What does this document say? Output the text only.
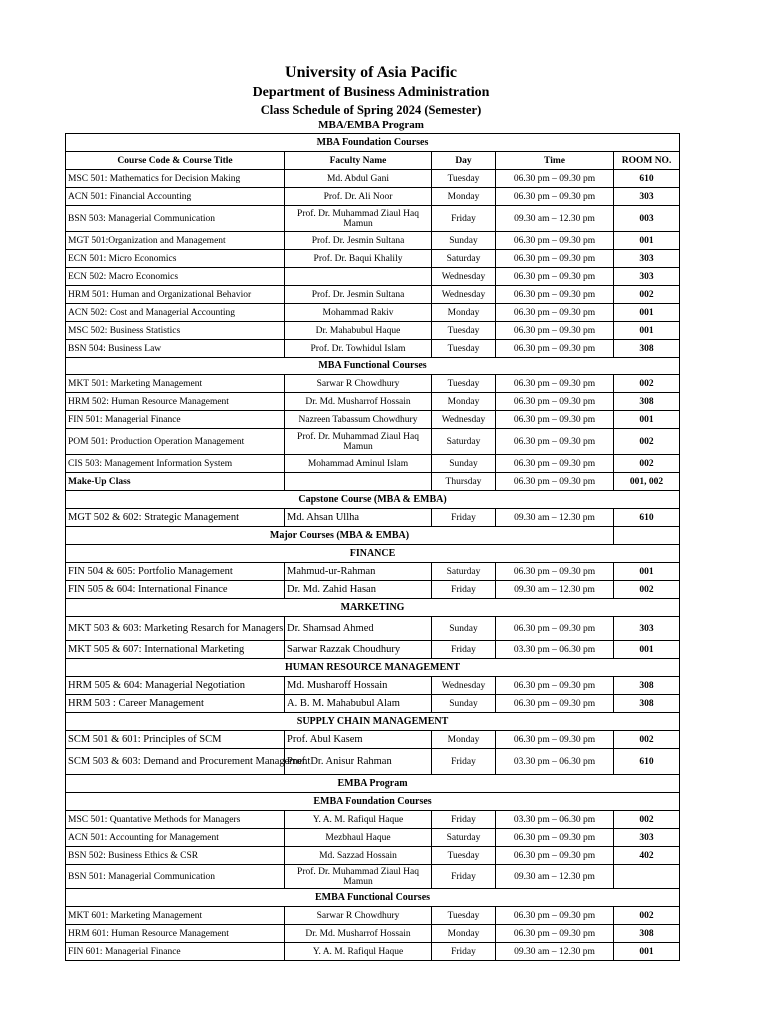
University of Asia Pacific
Department of Business Administration
Class Schedule of Spring 2024 (Semester)
MBA/EMBA Program
MBA Foundation Courses				
Course Code & Course Title	Faculty Name	Day	Time	ROOM NO.
MSC 501: Mathematics for Decision Making	Md. Abdul Gani	Tuesday	06.30 pm – 09.30 pm	610
ACN 501: Financial Accounting	Prof. Dr. Ali Noor	Monday	06.30 pm – 09.30 pm	303
BSN 503: Managerial Communication	Prof. Dr. Muhammad Ziaul Haq Mamun	Friday	09.30 am – 12.30 pm	003
MGT 501:Organization and Management	Prof. Dr. Jesmin Sultana	Sunday	06.30 pm – 09.30 pm	001
ECN 501: Micro Economics	Prof. Dr. Baqui Khalily	Saturday	06.30 pm – 09.30 pm	303
ECN 502: Macro Economics		Wednesday	06.30 pm – 09.30 pm	303
HRM 501: Human and Organizational Behavior	Prof. Dr. Jesmin Sultana	Wednesday	06.30 pm – 09.30 pm	002
ACN 502: Cost and Managerial Accounting	Mohammad Rakiv	Monday	06.30 pm – 09.30 pm	001
MSC 502: Business Statistics	Dr. Mahabubul Haque	Tuesday	06.30 pm – 09.30 pm	001
BSN 504: Business Law	Prof. Dr. Towhidul Islam	Tuesday	06.30 pm – 09.30 pm	308
MBA Functional Courses				
MKT 501: Marketing Management	Sarwar R Chowdhury	Tuesday	06.30 pm – 09.30 pm	002
HRM 502: Human Resource Management	Dr. Md. Musharrof Hossain	Monday	06.30 pm – 09.30 pm	308
FIN 501: Managerial Finance	Nazreen Tabassum Chowdhury	Wednesday	06.30 pm – 09.30 pm	001
POM 501: Production Operation Management	Prof. Dr. Muhammad Ziaul Haq Mamun	Saturday	06.30 pm – 09.30 pm	002
CIS 503: Management Information System	Mohammad Aminul Islam	Sunday	06.30 pm – 09.30 pm	002
Make-Up Class		Thursday	06.30 pm – 09.30 pm	001, 002
Capstone Course (MBA & EMBA)				
MGT 502 & 602: Strategic Management	Md. Ahsan Ullha	Friday	09.30 am – 12.30 pm	610
Major Courses (MBA & EMBA)				
FINANCE				
FIN 504 & 605: Portfolio Management	Mahmud-ur-Rahman	Saturday	06.30 pm – 09.30 pm	001
FIN 505 & 604: International Finance	Dr. Md. Zahid Hasan	Friday	09.30 am – 12.30 pm	002
MARKETING				
MKT 503 & 603: Marketing Resarch for Managers	Dr. Shamsad Ahmed	Sunday	06.30 pm – 09.30 pm	303
MKT 505 & 607: International Marketing	Sarwar Razzak Choudhury	Friday	03.30 pm – 06.30 pm	001
HUMAN RESOURCE MANAGEMENT				
HRM 505 & 604: Managerial Negotiation	Md. Musharoff Hossain	Wednesday	06.30 pm – 09.30 pm	308
HRM 503 : Career Management	A. B. M. Mahabubul Alam	Sunday	06.30 pm – 09.30 pm	308
SUPPLY CHAIN MANAGEMENT				
SCM 501 & 601: Principles of SCM	Prof. Abul Kasem	Monday	06.30 pm – 09.30 pm	002
SCM 503 & 603: Demand and Procurement Management	Prof. Dr. Anisur Rahman	Friday	03.30 pm – 06.30 pm	610
EMBA Program				
EMBA Foundation Courses				
MSC 501: Quantative Methods for Managers	Y. A. M. Rafiqul Haque	Friday	03.30 pm – 06.30 pm	002
ACN 501: Accounting for Management	Mezbhaul Haque	Saturday	06.30 pm – 09.30 pm	303
BSN 502: Business Ethics & CSR	Md. Sazzad Hossain	Tuesday	06.30 pm – 09.30 pm	402
BSN 501: Managerial Communication	Prof. Dr. Muhammad Ziaul Haq Mamun	Friday	09.30 am – 12.30 pm	
EMBA Functional Courses				
MKT 601: Marketing Management	Sarwar R Chowdhury	Tuesday	06.30 pm – 09.30 pm	002
HRM 601: Human Resource Management	Dr. Md. Musharrof Hossain	Monday	06.30 pm – 09.30 pm	308
FIN 601: Managerial Finance	Y. A. M. Rafiqul Haque	Friday	09.30 am – 12.30 pm	001
